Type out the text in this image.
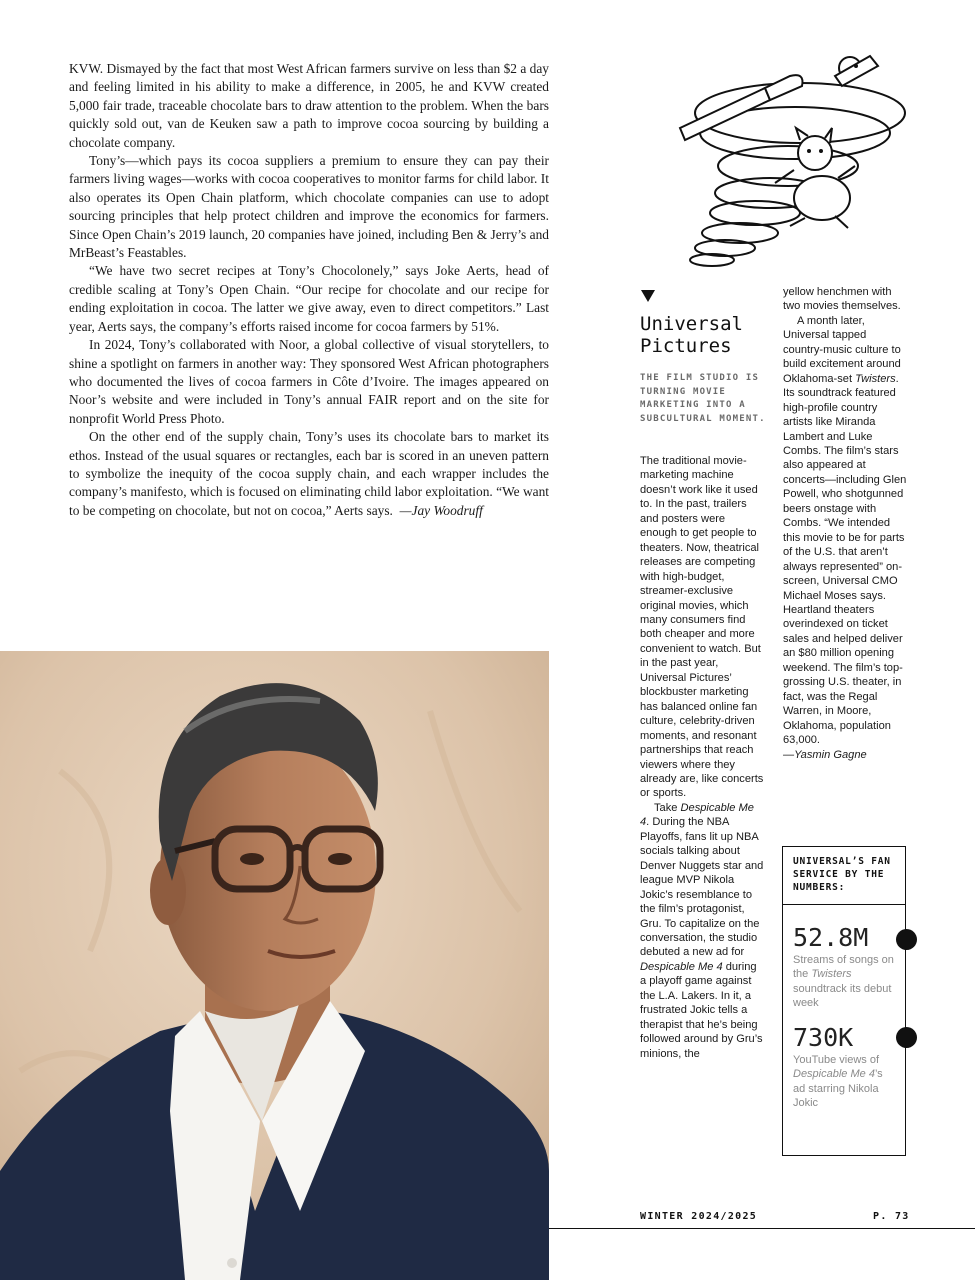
KVW. Dismayed by the fact that most West African farmers survive on less than $2 a day and feeling limited in his ability to make a difference, in 2005, he and KVW created 5,000 fair trade, traceable chocolate bars to draw attention to the problem. When the bars quickly sold out, van de Keuken saw a path to improve cocoa sourcing by building a chocolate company.

Tony’s—which pays its cocoa suppliers a premium to ensure they can pay their farmers living wages—works with cocoa cooperatives to monitor farms for child labor. It also operates its Open Chain platform, which chocolate companies can use to adopt sourcing principles that help protect children and improve the economics for farmers. Since Open Chain’s 2019 launch, 20 companies have joined, including Ben & Jerry’s and MrBeast’s Feastables.

“We have two secret recipes at Tony’s Chocolonely,” says Joke Aerts, head of credible scaling at Tony’s Open Chain. “Our recipe for chocolate and our recipe for ending exploitation in cocoa. The latter we give away, even to direct competitors.” Last year, Aerts says, the company’s efforts raised income for cocoa farmers by 51%.

In 2024, Tony’s collaborated with Noor, a global collective of visual storytellers, to shine a spotlight on farmers in another way: They sponsored West African photographers who documented the lives of cocoa farmers in Côte d’Ivoire. The images appeared on Noor’s website and were included in Tony’s annual FAIR report and on the site for nonprofit World Press Photo.

On the other end of the supply chain, Tony’s uses its chocolate bars to market its ethos. Instead of the usual squares or rectangles, each bar is scored in an uneven pattern to symbolize the inequity of the cocoa supply chain, and each wrapper includes the company’s manifesto, which is focused on eliminating child labor exploitation. “We want to be competing on chocolate, but not on cocoa,” Aerts says. —Jay Woodruff

Universal Pictures

THE FILM STUDIO IS TURNING MOVIE MARKETING INTO A SUBCULTURAL MOMENT.

The traditional movie-marketing machine doesn’t work like it used to. In the past, trailers and posters were enough to get people to theaters. Now, theatrical releases are competing with high-budget, streamer-exclusive original movies, which many consumers find both cheaper and more convenient to watch. But in the past year, Universal Pictures’ blockbuster marketing has balanced online fan culture, celebrity-driven moments, and resonant partnerships that reach viewers where they already are, like concerts or sports.

Take Despicable Me 4. During the NBA Playoffs, fans lit up NBA socials talking about Denver Nuggets star and league MVP Nikola Jokic’s resemblance to the film’s protagonist, Gru. To capitalize on the conversation, the studio debuted a new ad for Despicable Me 4 during a playoff game against the L.A. Lakers. In it, a frustrated Jokic tells a therapist that he’s being followed around by Gru’s minions, the

yellow henchmen with two movies themselves.

A month later, Universal tapped country-music culture to build excitement around Oklahoma-set Twisters. Its soundtrack featured high-profile country artists like Miranda Lambert and Luke Combs. The film’s stars also appeared at concerts—including Glen Powell, who shotgunned beers onstage with Combs. “We intended this movie to be for parts of the U.S. that aren’t always represented” on-screen, Universal CMO Michael Moses says. Heartland theaters overindexed on ticket sales and helped deliver an $80 million opening weekend. The film’s top-grossing U.S. theater, in fact, was the Regal Warren, in Moore, Oklahoma, population 63,000.

—Yasmin Gagne

UNIVERSAL’S FAN SERVICE BY THE NUMBERS:

52.8M
Streams of songs on the Twisters soundtrack its debut week
730K
YouTube views of Despicable Me 4’s ad starring Nikola Jokic
WINTER 2024/2025	P. 73
